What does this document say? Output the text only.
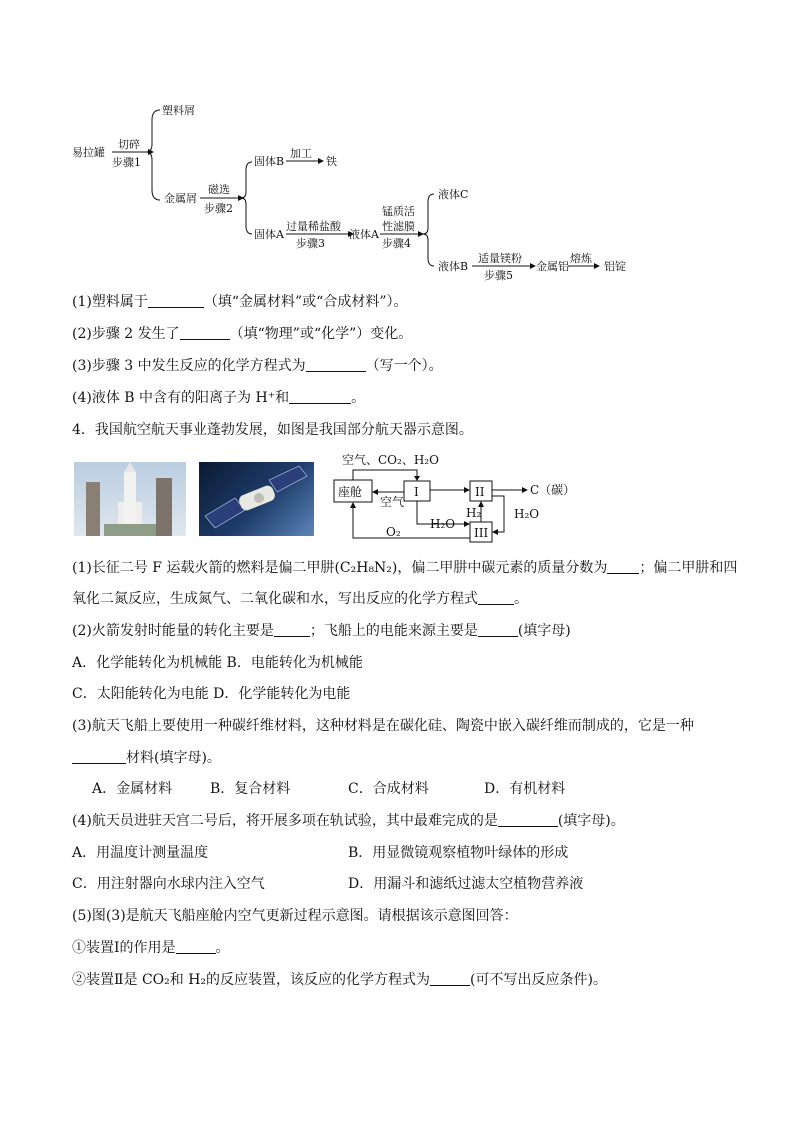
易拉罐
切碎
步骤1
塑料屑
金属屑
磁选
步骤2
固体B
加工
铁
固体A
过量稀盐酸
步骤3
液体A
锰质活
性滤膜
步骤4
液体C
液体B
适量镁粉
步骤5
金属铝
熔炼
铝锭
(1)塑料属于	（填“金属材料”或“合成材料”）。
(2)步骤 2 发生了	（填“物理”或“化学”）变化。
(3)步骤 3 中发生反应的化学方程式为	（写一个）。
(4)液体 B 中含有的阳离子为 H⁺和	。
4．我国航空航天事业蓬勃发展，如图是我国部分航天器示意图。
空气、CO₂、H₂O
座舱
空气
I	II
III
C（碳）
H₂	H₂O
H₂O
O₂
(1)长征二号 F 运载火箭的燃料是偏二甲肼(C₂H₈N₂)，偏二甲肼中碳元素的质量分数为 ；偏二甲肼和四
氧化二氮反应，生成氮气、二氧化碳和水，写出反应的化学方程式	。
(2)火箭发射时能量的转化主要是	；飞船上的电能来源主要是	(填字母)
A．化学能转化为机械能 B．电能转化为机械能
C．太阳能转化为电能 D．化学能转化为电能
(3)航天飞船上要使用一种碳纤维材料，这种材料是在碳化硅、陶瓷中嵌入碳纤维而制成的，它是一种
材料(填字母)。
A．金属材料	B．复合材料	C．合成材料	D．有机材料
(4)航天员进驻天宫二号后，将开展多项在轨试验，其中最难完成的是	(填字母)。
A．用温度计测量温度	B．用显微镜观察植物叶绿体的形成
C．用注射器向水球内注入空气	D．用漏斗和滤纸过滤太空植物营养液
(5)图(3)是航天飞船座舱内空气更新过程示意图。请根据该示意图回答：
①装置Ⅰ的作用是	。
②装置Ⅱ是 CO₂和 H₂的反应装置，该反应的化学方程式为	(可不写出反应条件)。
